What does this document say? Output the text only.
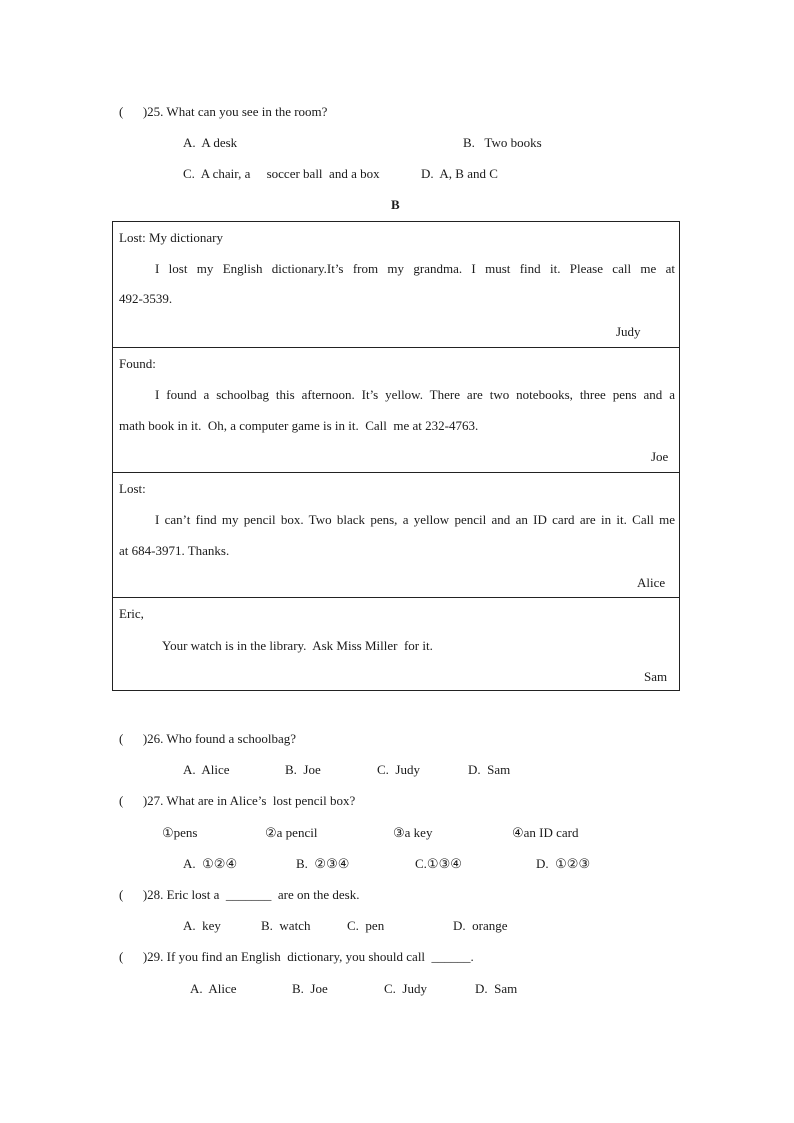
(      )25. What can you see in the room?
A.  A desk	B.   Two books
C.  A chair, a     soccer ball  and a box	D.  A, B and C
B
Lost: My dictionary
I lost my English dictionary.It’s from my grandma. I must find it. Please call me at
492-3539.
Judy
Found:
I found a schoolbag this afternoon. It’s yellow. There are two notebooks, three pens and a
math book in it.  Oh, a computer game is in it.  Call  me at 232-4763.
Joe
Lost:
I can’t find my pencil box. Two black pens, a yellow pencil and an ID card are in it. Call me
at 684-3971. Thanks.
Alice
Eric,
Your watch is in the library.  Ask Miss Miller  for it.
Sam
(      )26. Who found a schoolbag?
A.  Alice	B.  Joe	C.  Judy	D.  Sam
(      )27. What are in Alice’s  lost pencil box?
①pens	②a pencil	③a key	④an ID card
A.  ①②④	B.  ②③④	C.①③④	D.  ①②③
(      )28. Eric lost a  _______  are on the desk.
A.  key	B.  watch	C.  pen	D.  orange
(      )29. If you find an English  dictionary, you should call  ______.
A.  Alice	B.  Joe	C.  Judy	D.  Sam
